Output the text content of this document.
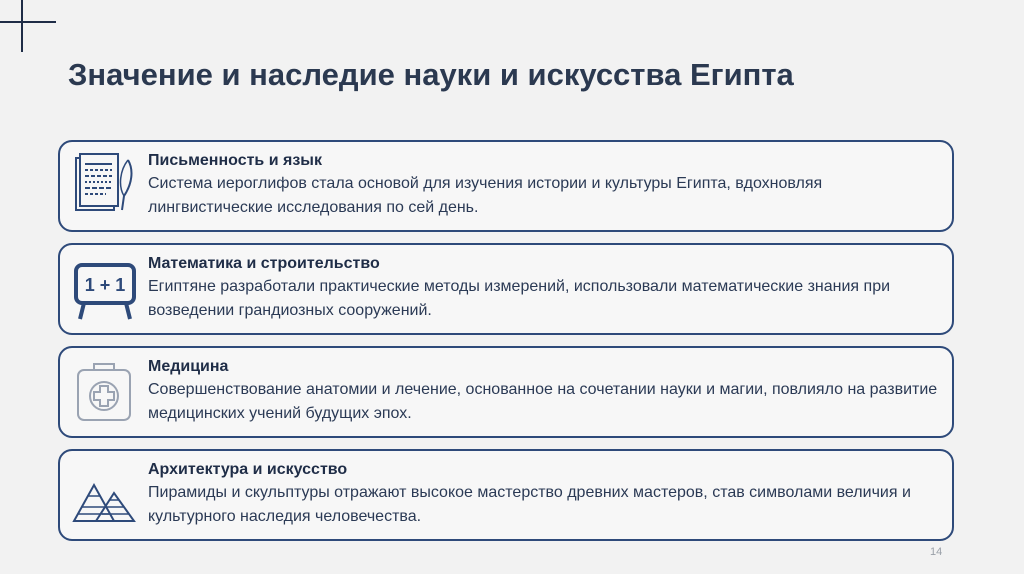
Значение и наследие науки и искусства Египта
Письменность и язык

Система иероглифов стала основой для изучения истории и культуры Египта, вдохновляя лингвистические исследования по сей день.

1 + 1
Математика и строительство

Египтяне разработали практические методы измерений, использовали математические знания при возведении грандиозных сооружений.

Медицина

Совершенствование анатомии и лечение, основанное на сочетании науки и магии, повлияло на развитие медицинских учений будущих эпох.

Архитектура и искусство

Пирамиды и скульптуры отражают высокое мастерство древних мастеров, став символами величия и культурного наследия человечества.

14
